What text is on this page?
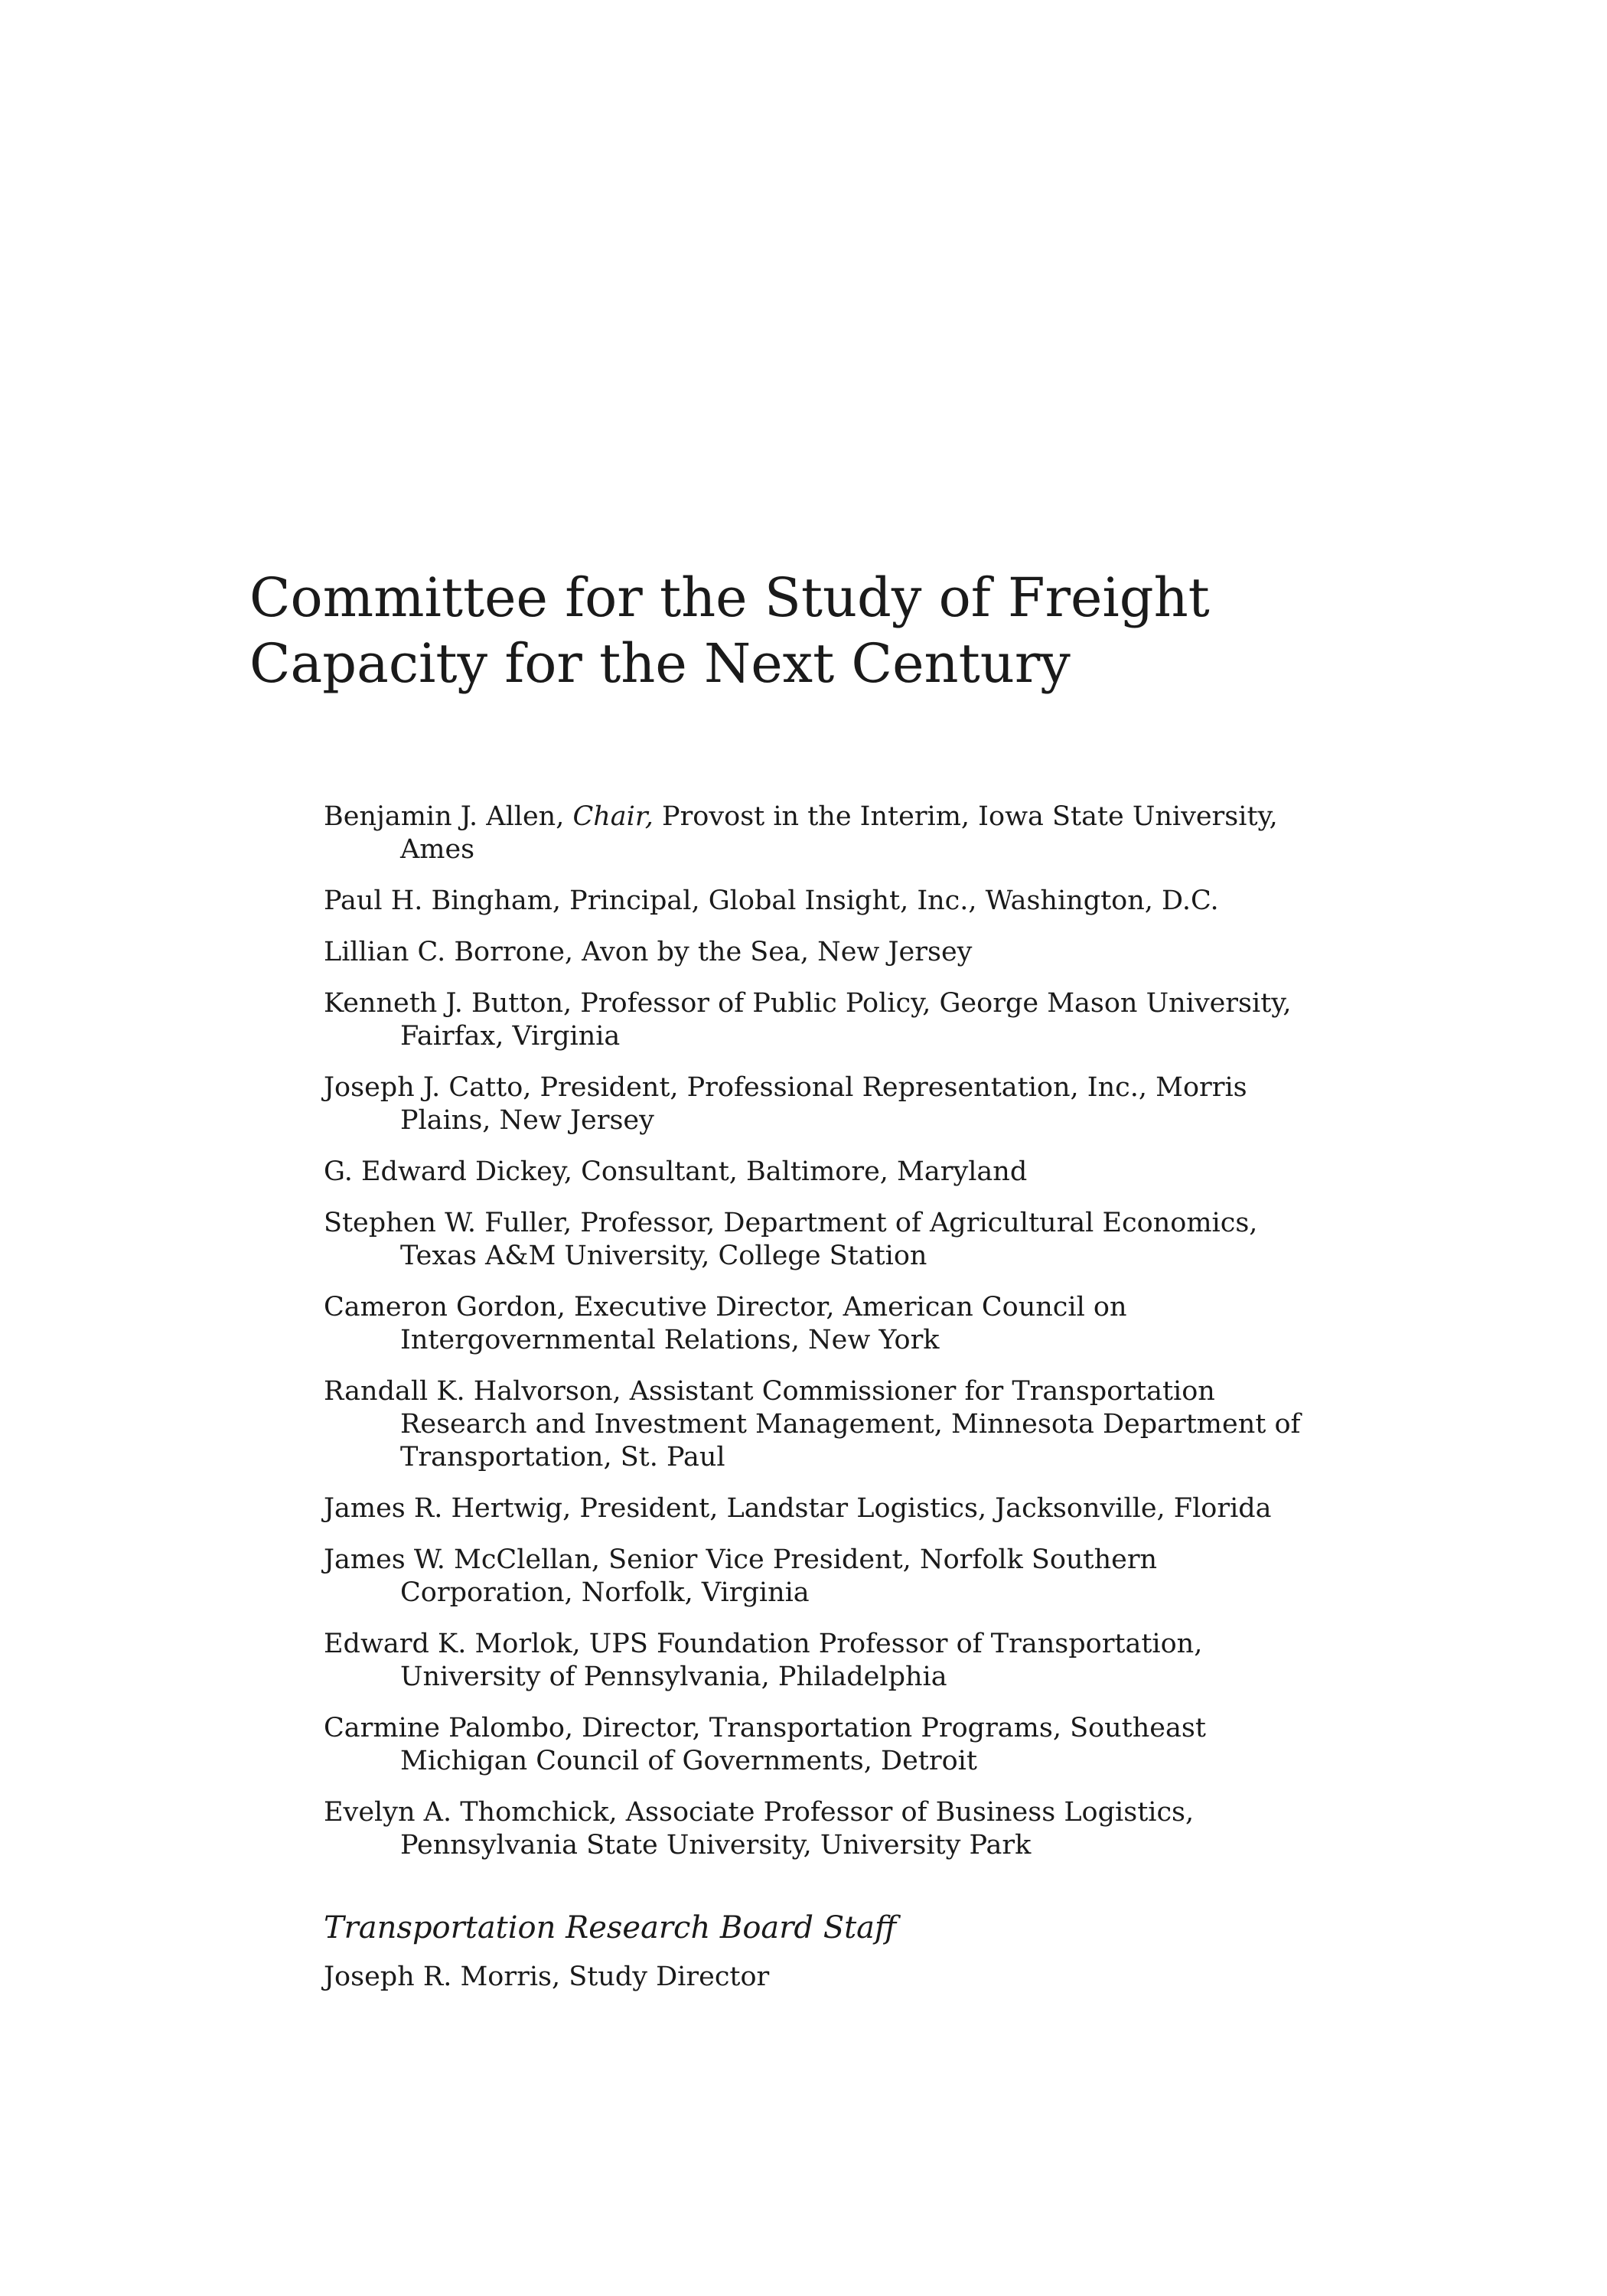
Committee for the Study of Freight
Capacity for the Next Century
Benjamin J. Allen, Chair, Provost in the Interim, Iowa State University, Ames
Paul H. Bingham, Principal, Global Insight, Inc., Washington, D.C.
Lillian C. Borrone, Avon by the Sea, New Jersey
Kenneth J. Button, Professor of Public Policy, George Mason University, Fairfax, Virginia
Joseph J. Catto, President, Professional Representation, Inc., Morris Plains, New Jersey
G. Edward Dickey, Consultant, Baltimore, Maryland
Stephen W. Fuller, Professor, Department of Agricultural Economics, Texas A&M University, College Station
Cameron Gordon, Executive Director, American Council on Intergovernmental Relations, New York
Randall K. Halvorson, Assistant Commissioner for Transportation Research and Investment Management, Minnesota Department of Transportation, St. Paul
James R. Hertwig, President, Landstar Logistics, Jacksonville, Florida
James W. McClellan, Senior Vice President, Norfolk Southern Corporation, Norfolk, Virginia
Edward K. Morlok, UPS Foundation Professor of Transportation, University of Pennsylvania, Philadelphia
Carmine Palombo, Director, Transportation Programs, Southeast Michigan Council of Governments, Detroit
Evelyn A. Thomchick, Associate Professor of Business Logistics, Pennsylvania State University, University Park
Transportation Research Board Staff
Joseph R. Morris, Study Director
